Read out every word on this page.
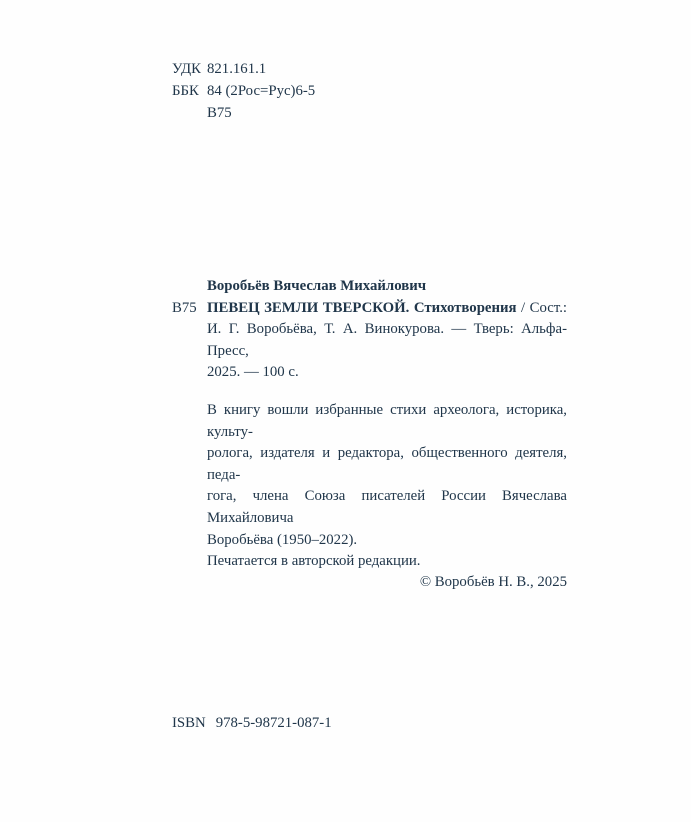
УДК 821.161.1
ББК 84 (2Рос=Рус)6-5
В75
Воробьёв Вячеслав Михайлович
В75 ПЕВЕЦ ЗЕМЛИ ТВЕРСКОЙ. Стихотворения / Сост.:
И. Г. Воробьёва, Т. А. Винокурова. — Тверь: Альфа-Пресс,
2025. — 100 с.
В книгу вошли избранные стихи археолога, историка, культу-
ролога, издателя и редактора, общественного деятеля, педа-
гога, члена Союза писателей России Вячеслава Михайловича
Воробьёва (1950–2022).
Печатается в авторской редакции.
© Воробьёв Н. В., 2025
ISBN 978-5-98721-087-1
